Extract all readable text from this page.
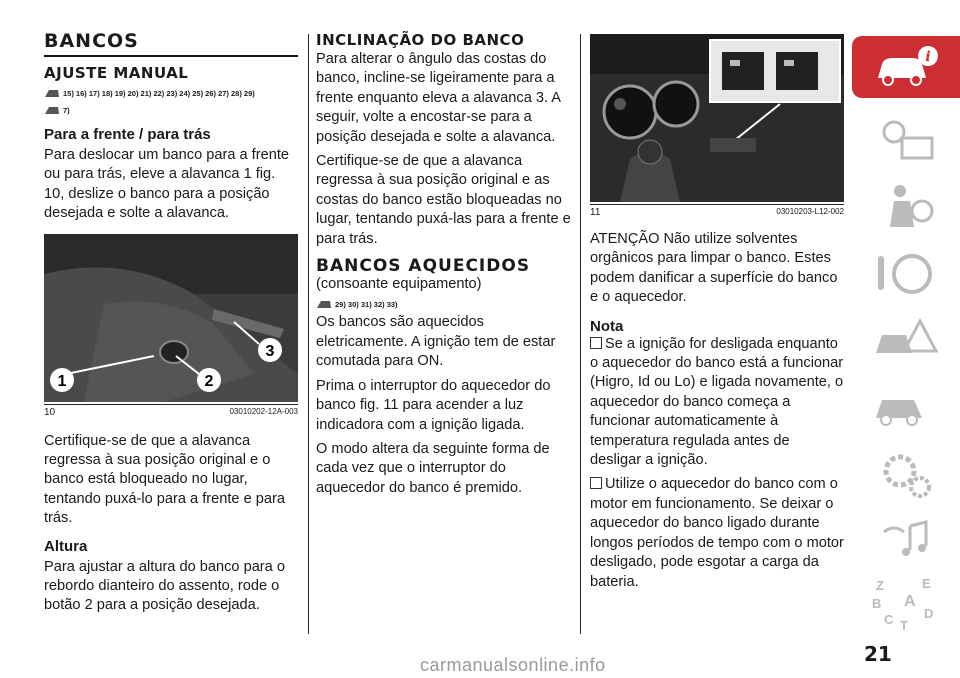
BANCOS
AJUSTE MANUAL
15) 16) 17) 18) 19) 20) 21) 22) 23) 24) 25) 26) 27) 28) 29)
7)
Para a frente / para trás

Para deslocar um banco para a frente ou para trás, eleve a alavanca 1 fig. 10, deslize o banco para a posição desejada e solte a alavanca.

1	2
3
10	03010202-12A-003

Certifique-se de que a alavanca regressa à sua posição original e o banco está bloqueado no lugar, tentando puxá-lo para a frente e para trás.

Altura

Para ajustar a altura do banco para o rebordo dianteiro do assento, rode o botão 2 para a posição desejada.

INCLINAÇÃO DO BANCO

Para alterar o ângulo das costas do banco, incline-se ligeiramente para a frente enquanto eleva a alavanca 3. A seguir, volte a encostar-se para a posição desejada e solte a alavanca.

Certifique-se de que a alavanca regressa à sua posição original e as costas do banco estão bloqueadas no lugar, tentando puxá-las para a frente e para trás.

BANCOS AQUECIDOS

(consoante equipamento)

29) 30) 31) 32) 33)

Os bancos são aquecidos eletricamente. A ignição tem de estar comutada para ON.

Prima o interruptor do aquecedor do banco fig. 11 para acender a luz indicadora com a ignição ligada.

O modo altera da seguinte forma de cada vez que o interruptor do aquecedor do banco é premido.

11	03010203-L12-002

ATENÇÃO Não utilize solventes orgânicos para limpar o banco. Estes podem danificar a superfície do banco e o aquecedor.

Nota

Se a ignição for desligada enquanto o aquecedor do banco está a funcionar (Higro, Id ou Lo) e ligada novamente, o aquecedor do banco começa a funcionar automaticamente à temperatura regulada antes de desligar a ignição.

Utilize o aquecedor do banco com o motor em funcionamento. Se deixar o aquecedor do banco ligado durante longos períodos de tempo com o motor desligado, pode esgotar a carga da bateria.

i
Z	E
B A
C T
D
21
carmanualsonline.info
